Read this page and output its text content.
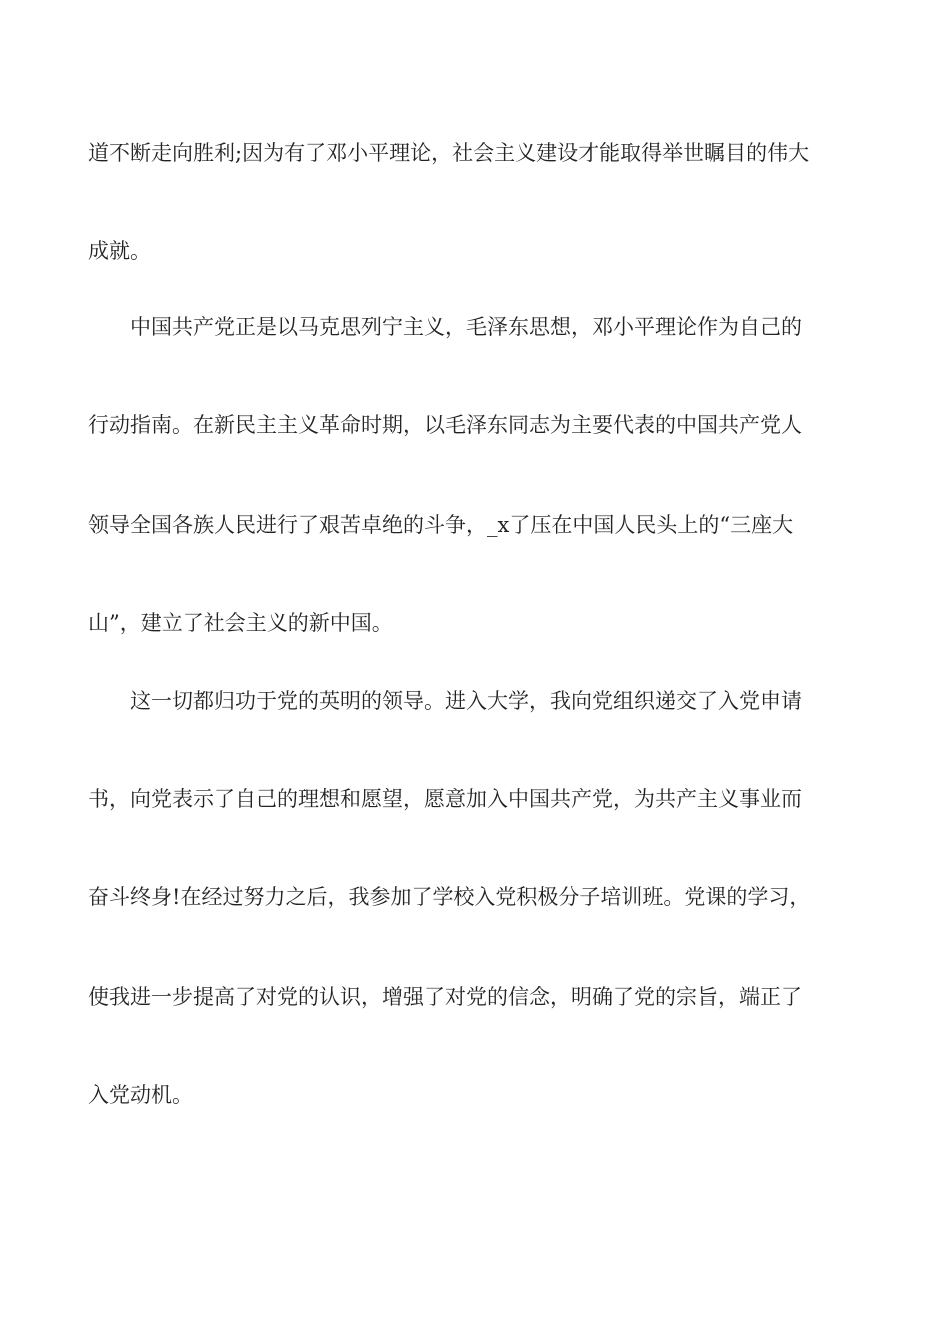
道不断走向胜利;因为有了邓小平理论，社会主义建设才能取得举世瞩目的伟大
成就。
中国共产党正是以马克思列宁主义，毛泽东思想，邓小平理论作为自己的
行动指南。在新民主主义革命时期，以毛泽东同志为主要代表的中国共产党人
领导全国各族人民进行了艰苦卓绝的斗争，_x了压在中国人民头上的“三座大
山”，建立了社会主义的新中国。
这一切都归功于党的英明的领导。进入大学，我向党组织递交了入党申请
书，向党表示了自己的理想和愿望，愿意加入中国共产党，为共产主义事业而
奋斗终身!在经过努力之后，我参加了学校入党积极分子培训班。党课的学习，
使我进一步提高了对党的认识，增强了对党的信念，明确了党的宗旨，端正了
入党动机。
